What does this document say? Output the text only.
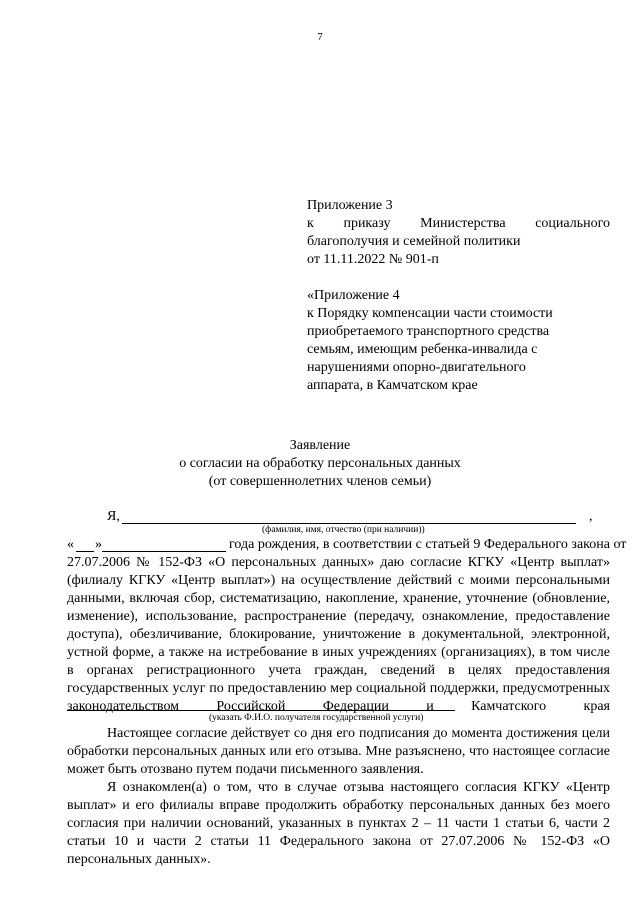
7
Приложение 3
к приказу Министерства социального
благополучия и семейной политики
от 11.11.2022 № 901-п
«Приложение 4
к Порядку компенсации части стоимости
приобретаемого транспортного средства
семьям, имеющим ребенка-инвалида с
нарушениями опорно-двигательного
аппарата, в Камчатском крае
Заявление
о согласии на обработку персональных данных
(от совершеннолетних членов семьи)
Я,	,
(фамилия, имя, отчество (при наличии))
« »	года рождения, в соответствии с статьей 9 Федерального закона от

27.07.2006 № 152-ФЗ «О персональных данных» даю согласие КГКУ «Центр выплат» (филиалу КГКУ «Центр выплат») на осуществление действий с моими персональными данными, включая сбор, систематизацию, накопление, хранение, уточнение (обновление, изменение), использование, распространение (передачу, ознакомление, предоставление доступа), обезличивание, блокирование, уничтожение в документальной, электронной, устной форме, а также на истребование в иных учреждениях (организациях), в том числе в органах регистрационного учета граждан, сведений в целях предоставления государственных услуг по предоставлению мер социальной поддержки, предусмотренных законодательством Российской Федерации и Камчатского края

(указать Ф.И.О. получателя государственной услуги)

Настоящее согласие действует со дня его подписания до момента достижения цели обработки персональных данных или его отзыва. Мне разъяснено, что настоящее согласие может быть отозвано путем подачи письменного заявления.

Я ознакомлен(а) о том, что в случае отзыва настоящего согласия КГКУ «Центр выплат» и его филиалы вправе продолжить обработку персональных данных без моего согласия при наличии оснований, указанных в пунктах 2 – 11 части 1 статьи 6, части 2 статьи 10 и части 2 статьи 11 Федерального закона от 27.07.2006 № 152-ФЗ «О персональных данных».
